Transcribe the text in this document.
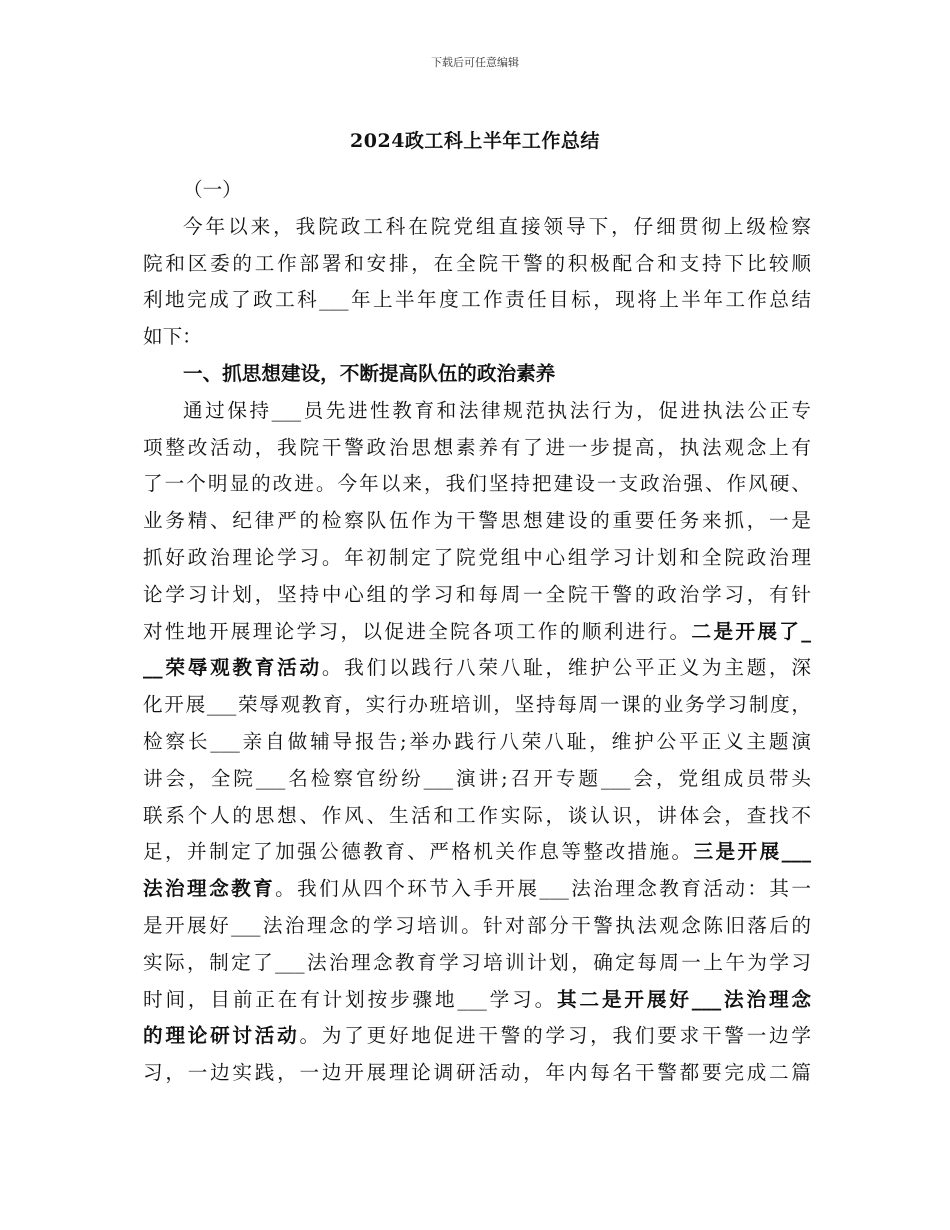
下载后可任意编辑
2024政工科上半年工作总结
（一）
今年以来，我院政工科在院党组直接领导下，仔细贯彻上级检察
院和区委的工作部署和安排，在全院干警的积极配合和支持下比较顺
利地完成了政工科___年上半年度工作责任目标，现将上半年工作总结
如下：
一、抓思想建设，不断提高队伍的政治素养
通过保持___员先进性教育和法律规范执法行为，促进执法公正专
项整改活动，我院干警政治思想素养有了进一步提高，执法观念上有
了一个明显的改进。今年以来，我们坚持把建设一支政治强、作风硬、
业务精、纪律严的检察队伍作为干警思想建设的重要任务来抓，一是
抓好政治理论学习。年初制定了院党组中心组学习计划和全院政治理
论学习计划，坚持中心组的学习和每周一全院干警的政治学习，有针
对性地开展理论学习，以促进全院各项工作的顺利进行。二是开展了_
__荣辱观教育活动。我们以践行八荣八耻，维护公平正义为主题，深
化开展___荣辱观教育，实行办班培训，坚持每周一课的业务学习制度，
检察长___亲自做辅导报告;举办践行八荣八耻，维护公平正义主题演
讲会，全院___名检察官纷纷___演讲;召开专题___会，党组成员带头
联系个人的思想、作风、生活和工作实际，谈认识，讲体会，查找不
足，并制定了加强公德教育、严格机关作息等整改措施。三是开展___
法治理念教育。我们从四个环节入手开展___法治理念教育活动：其一
是开展好___法治理念的学习培训。针对部分干警执法观念陈旧落后的
实际，制定了___法治理念教育学习培训计划，确定每周一上午为学习
时间，目前正在有计划按步骤地___学习。其二是开展好___法治理念
的理论研讨活动。为了更好地促进干警的学习，我们要求干警一边学
习，一边实践，一边开展理论调研活动，年内每名干警都要完成二篇
